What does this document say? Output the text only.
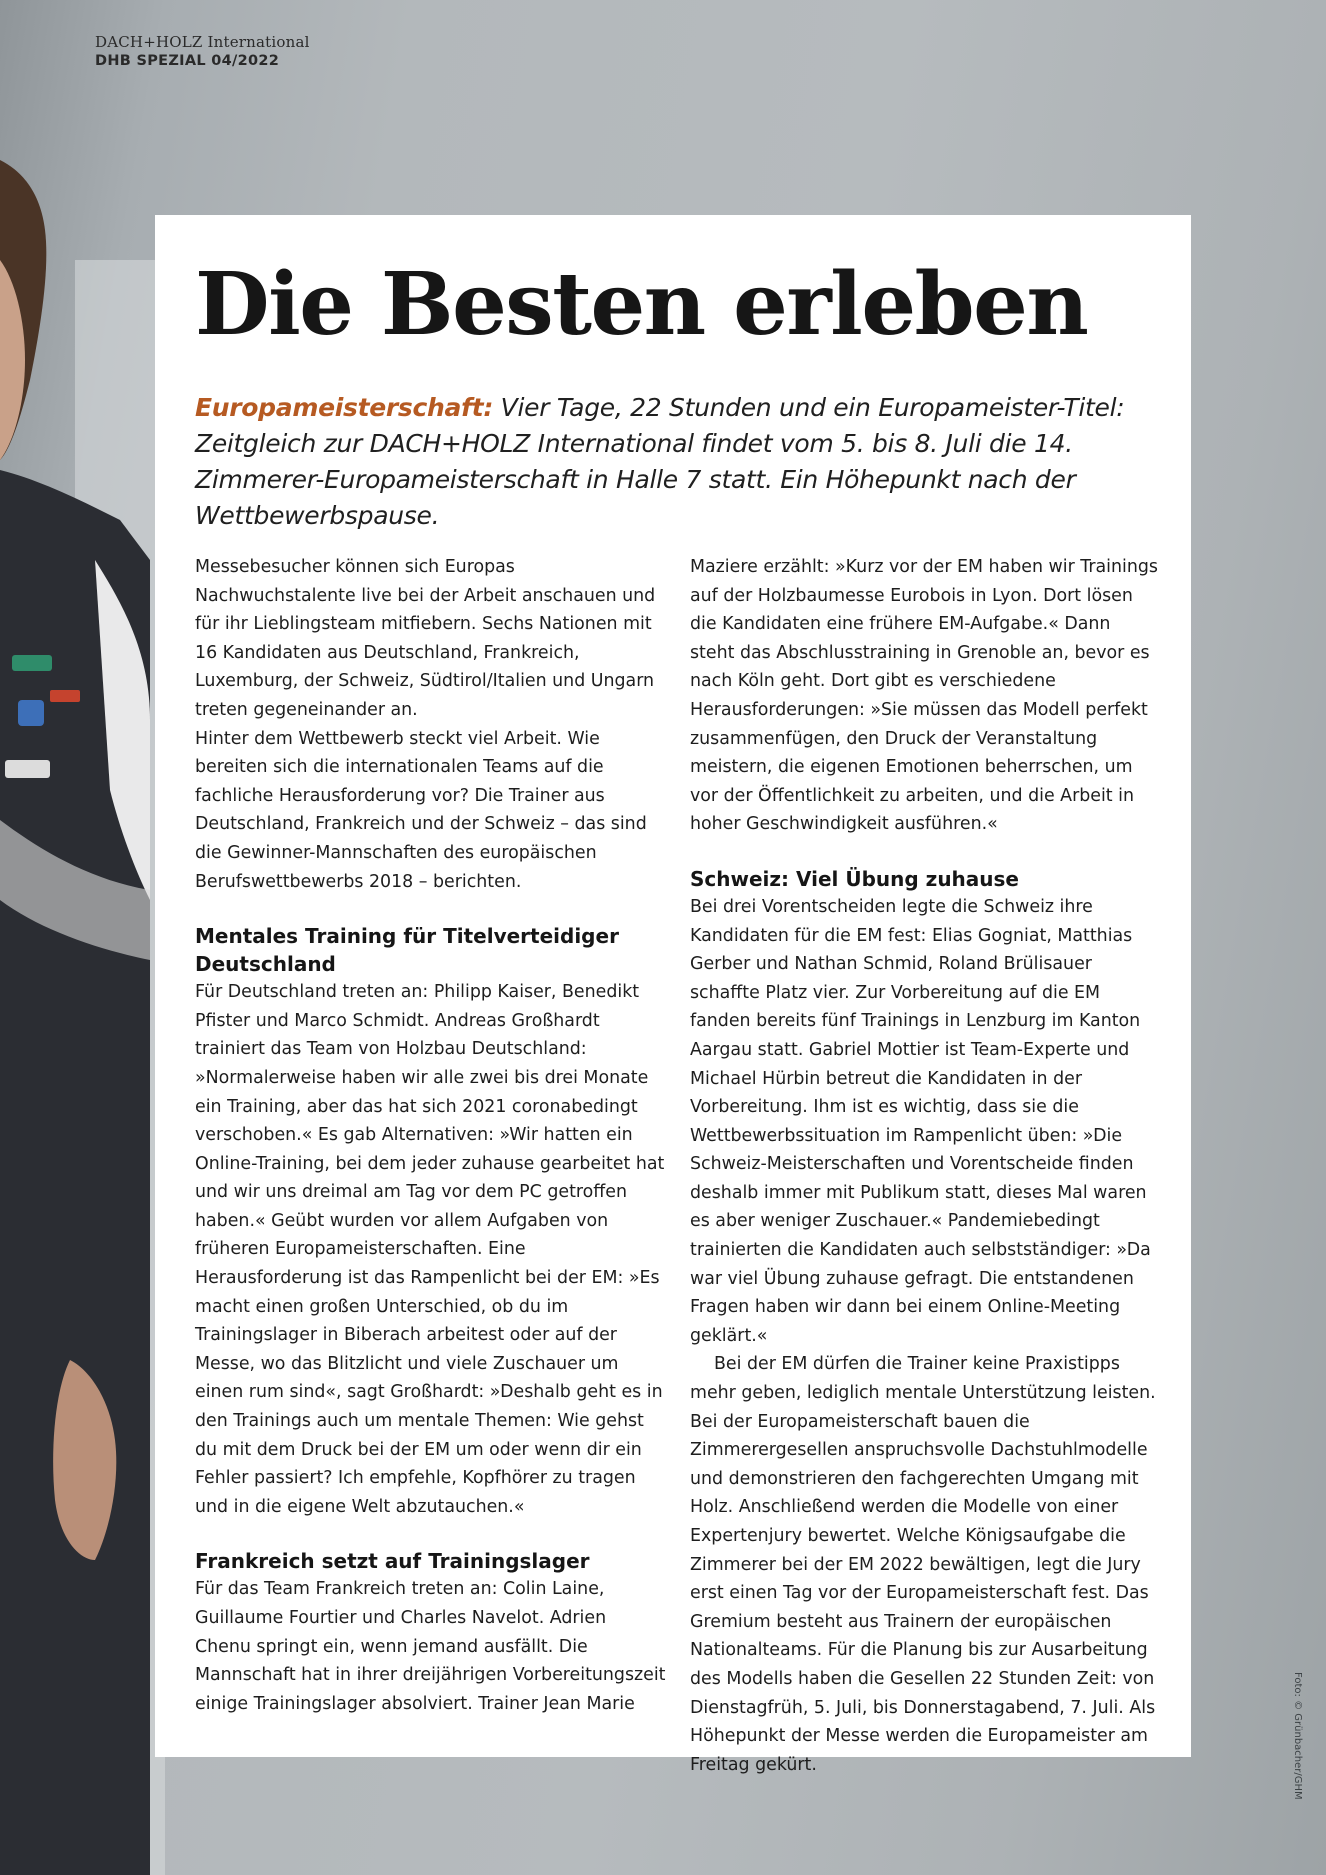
DACH+HOLZ International
DHB SPEZIAL 04/2022
Foto: © Grünbacher/GHM
Die Besten erleben

Europameisterschaft: Vier Tage, 22 Stunden und ein Europameister-Titel: Zeitgleich zur DACH+HOLZ International findet vom 5. bis 8. Juli die 14. Zimmerer-Europameisterschaft in Halle 7 statt. Ein Höhepunkt nach der Wettbewerbspause.

Messebesucher können sich Europas Nachwuchstalente live bei der Arbeit anschauen und für ihr Lieblingsteam mitfiebern. Sechs Nationen mit 16 Kandidaten aus Deutschland, Frankreich, Luxemburg, der Schweiz, Südtirol/Italien und Ungarn treten gegeneinander an.

Hinter dem Wettbewerb steckt viel Arbeit. Wie bereiten sich die internationalen Teams auf die fachliche Herausforderung vor? Die Trainer aus Deutschland, Frankreich und der Schweiz – das sind die Gewinner-Mannschaften des europäischen Berufswettbewerbs 2018 – berichten.

Mentales Training für Titelverteidiger Deutschland

Für Deutschland treten an: Philipp Kaiser, Benedikt Pfister und Marco Schmidt. Andreas Großhardt trainiert das Team von Holzbau Deutschland: »Normalerweise haben wir alle zwei bis drei Monate ein Training, aber das hat sich 2021 coronabedingt verschoben.« Es gab Alternativen: »Wir hatten ein Online-Training, bei dem jeder zuhause gearbeitet hat und wir uns dreimal am Tag vor dem PC getroffen haben.« Geübt wurden vor allem Aufgaben von früheren Europameisterschaften. Eine Herausforderung ist das Rampenlicht bei der EM: »Es macht einen großen Unterschied, ob du im Trainingslager in Biberach arbeitest oder auf der Messe, wo das Blitzlicht und viele Zuschauer um einen rum sind«, sagt Großhardt: »Deshalb geht es in den Trainings auch um mentale Themen: Wie gehst du mit dem Druck bei der EM um oder wenn dir ein Fehler passiert? Ich empfehle, Kopfhörer zu tragen und in die eigene Welt abzutauchen.«

Frankreich setzt auf Trainingslager

Für das Team Frankreich treten an: Colin Laine, Guillaume Fourtier und Charles Navelot. Adrien Chenu springt ein, wenn jemand ausfällt. Die Mannschaft hat in ihrer dreijährigen Vorbereitungszeit einige Trainingslager absolviert. Trainer Jean Marie

Maziere erzählt: »Kurz vor der EM haben wir Trainings auf der Holzbaumesse Eurobois in Lyon. Dort lösen die Kandidaten eine frühere EM-Aufgabe.« Dann steht das Abschlusstraining in Grenoble an, bevor es nach Köln geht. Dort gibt es verschiedene Herausforderungen: »Sie müssen das Modell perfekt zusammenfügen, den Druck der Veranstaltung meistern, die eigenen Emotionen beherrschen, um vor der Öffentlichkeit zu arbeiten, und die Arbeit in hoher Geschwindigkeit ausführen.«

Schweiz: Viel Übung zuhause

Bei drei Vorentscheiden legte die Schweiz ihre Kandidaten für die EM fest: Elias Gogniat, Matthias Gerber und Nathan Schmid, Roland Brülisauer schaffte Platz vier. Zur Vorbereitung auf die EM fanden bereits fünf Trainings in Lenzburg im Kanton Aargau statt. Gabriel Mottier ist Team-Experte und Michael Hürbin betreut die Kandidaten in der Vorbereitung. Ihm ist es wichtig, dass sie die Wettbewerbssituation im Rampenlicht üben: »Die Schweiz-Meisterschaften und Vorentscheide finden deshalb immer mit Publikum statt, dieses Mal waren es aber weniger Zuschauer.« Pandemiebedingt trainierten die Kandidaten auch selbstständiger: »Da war viel Übung zuhause gefragt. Die entstandenen Fragen haben wir dann bei einem Online-Meeting geklärt.«

Bei der EM dürfen die Trainer keine Praxistipps mehr geben, lediglich mentale Unterstützung leisten. Bei der Europameisterschaft bauen die Zimmerergesellen anspruchsvolle Dachstuhlmodelle und demonstrieren den fachgerechten Umgang mit Holz. Anschließend werden die Modelle von einer Expertenjury bewertet. Welche Königsaufgabe die Zimmerer bei der EM 2022 bewältigen, legt die Jury erst einen Tag vor der Europameisterschaft fest. Das Gremium besteht aus Trainern der europäischen Nationalteams. Für die Planung bis zur Ausarbeitung des Modells haben die Gesellen 22 Stunden Zeit: von Dienstagfrüh, 5. Juli, bis Donnerstagabend, 7. Juli. Als Höhepunkt der Messe werden die Europameister am Freitag gekürt.
